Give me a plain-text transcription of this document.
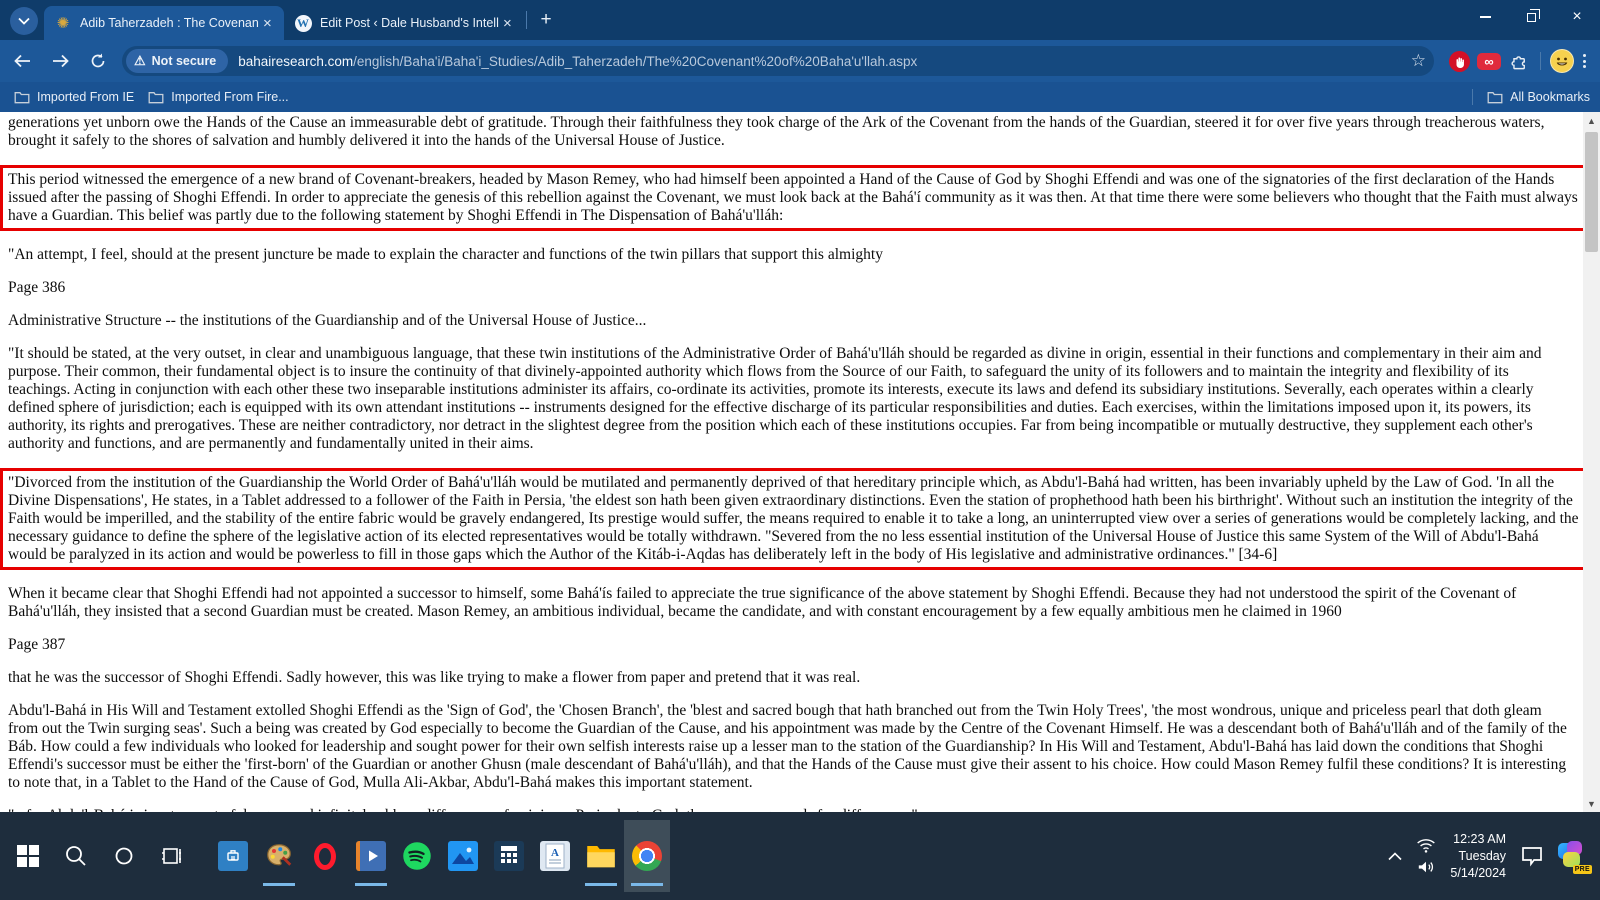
✺ Adib Taherzadeh : The Covenan ×	W Edit Post ‹ Dale Husband's Intell ×	+	×
⚠ Not secure bahairesearch.com/english/Baha'i/Baha'i_Studies/Adib_Taherzadeh/The%20Covenant%20of%20Baha'u'llah.aspx	☆	∞
Imported From IE	Imported From Fire...	All Bookmarks

generations yet unborn owe the Hands of the Cause an immeasurable debt of gratitude. Through their faithfulness they took charge of the Ark of the Covenant from the hands of the Guardian, steered it for over five years through treacherous waters, brought it safely to the shores of salvation and humbly delivered it into the hands of the Universal House of Justice.

This period witnessed the emergence of a new brand of Covenant-breakers, headed by Mason Remey, who had himself been appointed a Hand of the Cause of God by Shoghi Effendi and was one of the signatories of the first declaration of the Hands issued after the passing of Shoghi Effendi. In order to appreciate the genesis of this rebellion against the Covenant, we must look back at the Bahá'í community as it was then. At that time there were some believers who thought that the Faith must always have a Guardian. This belief was partly due to the following statement by Shoghi Effendi in The Dispensation of Bahá'u'lláh:

"An attempt, I feel, should at the present juncture be made to explain the character and functions of the twin pillars that support this almighty

Page 386

Administrative Structure -- the institutions of the Guardianship and of the Universal House of Justice...

"It should be stated, at the very outset, in clear and unambiguous language, that these twin institutions of the Administrative Order of Bahá'u'lláh should be regarded as divine in origin, essential in their functions and complementary in their aim and purpose. Their common, their fundamental object is to insure the continuity of that divinely-appointed authority which flows from the Source of our Faith, to safeguard the unity of its followers and to maintain the integrity and flexibility of its teachings. Acting in conjunction with each other these two inseparable institutions administer its affairs, co-ordinate its activities, promote its interests, execute its laws and defend its subsidiary institutions. Severally, each operates within a clearly defined sphere of jurisdiction; each is equipped with its own attendant institutions -- instruments designed for the effective discharge of its particular responsibilities and duties. Each exercises, within the limitations imposed upon it, its powers, its authority, its rights and prerogatives. These are neither contradictory, nor detract in the slightest degree from the position which each of these institutions occupies. Far from being incompatible or mutually destructive, they supplement each other's authority and functions, and are permanently and fundamentally united in their aims.

"Divorced from the institution of the Guardianship the World Order of Bahá'u'lláh would be mutilated and permanently deprived of that hereditary principle which, as Abdu'l-Bahá had written, has been invariably upheld by the Law of God. 'In all the Divine Dispensations', He states, in a Tablet addressed to a follower of the Faith in Persia, 'the eldest son hath been given extraordinary distinctions. Even the station of prophethood hath been his birthright'. Without such an institution the integrity of the Faith would be imperilled, and the stability of the entire fabric would be gravely endangered, Its prestige would suffer, the means required to enable it to take a long, an uninterrupted view over a series of generations would be completely lacking, and the necessary guidance to define the sphere of the legislative action of its elected representatives would be totally withdrawn. "Severed from the no less essential institution of the Universal House of Justice this same System of the Will of Abdu'l-Bahá would be paralyzed in its action and would be powerless to fill in those gaps which the Author of the Kitáb-i-Aqdas has deliberately left in the body of His legislative and administrative ordinances." [34-6]

When it became clear that Shoghi Effendi had not appointed a successor to himself, some Bahá'ís failed to appreciate the true significance of the above statement by Shoghi Effendi. Because they had not understood the spirit of the Covenant of Bahá'u'lláh, they insisted that a second Guardian must be created. Mason Remey, an ambitious individual, became the candidate, and with constant encouragement by a few equally ambitious men he claimed in 1960

Page 387

that he was the successor of Shoghi Effendi. Sadly however, this was like trying to make a flower from paper and pretend that it was real.

Abdu'l-Bahá in His Will and Testament extolled Shoghi Effendi as the 'Sign of God', the 'Chosen Branch', the 'blest and sacred bough that hath branched out from the Twin Holy Trees', 'the most wondrous, unique and priceless pearl that doth gleam from out the Twin surging seas'. Such a being was created by God especially to become the Guardian of the Cause, and his appointment was made by the Centre of the Covenant Himself. He was a descendant both of Bahá'u'lláh and of the family of the Báb. How could a few individuals who looked for leadership and sought power for their own selfish interests raise up a lesser man to the station of the Guardianship? In His Will and Testament, Abdu'l-Bahá has laid down the conditions that Shoghi Effendi's successor must be either the 'first-born' of the Guardian or another Ghusn (male descendant of Bahá'u'lláh), and that the Hands of the Cause must give their assent to his choice. How could Mason Remey fulfil these conditions? It is interesting to note that, in a Tablet to the Hand of the Cause of God, Mulla Ali-Akbar, Abdu'l-Bahá makes this important statement.

▲
▼
A
12:23 AM
Tuesday
5/14/2024	PRE
